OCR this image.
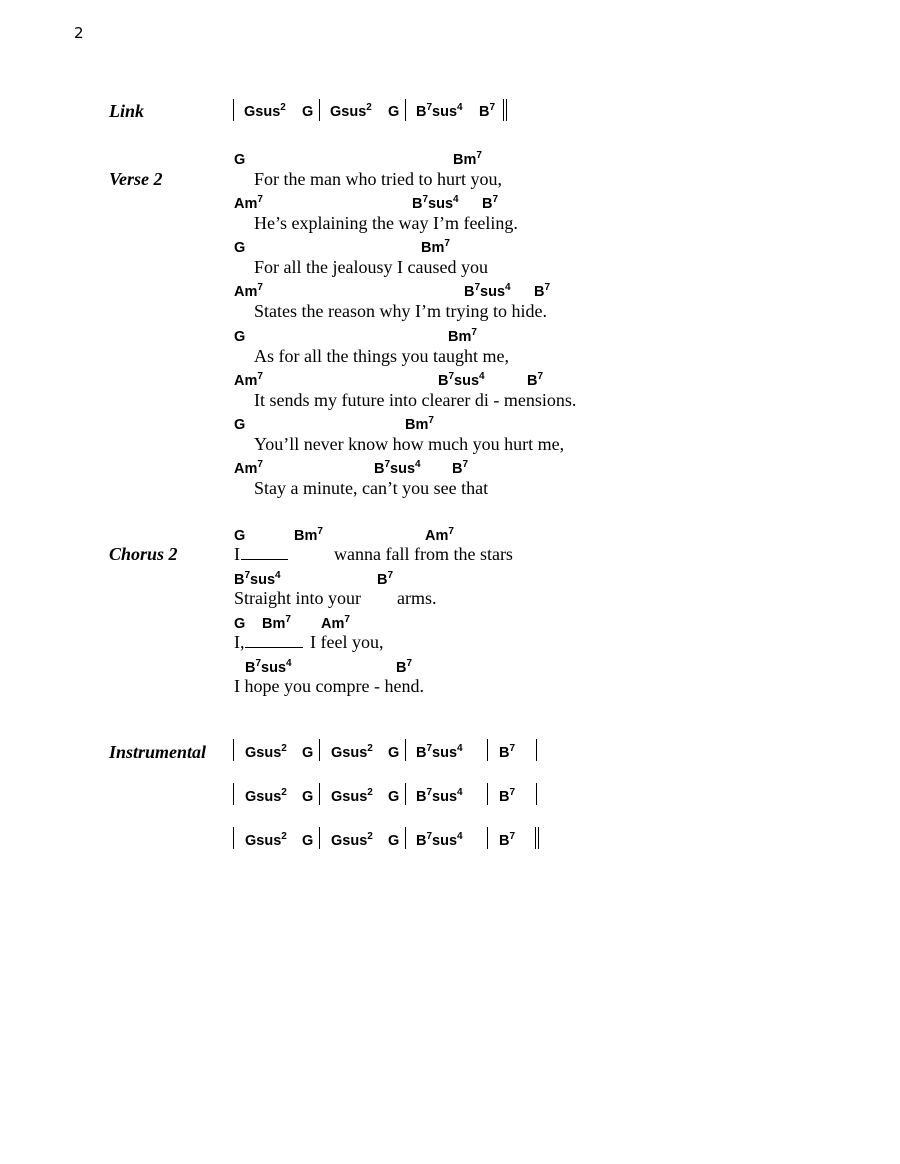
2
Link	Gsus$^2$ G Gsus$^2$ G $B^7sus^4$ $B^7$
Verse 2
G	Bm$^7$
For the man who tried to hurt you,
Am$^7$	$B^7sus^4$ $B^7$
He’s explaining the way I’m feeling.
G	Bm$^7$
For all the jealousy I caused you
Am$^7$	$B^7sus^4$ $B^7$
States the reason why I’m trying to hide.
G	Bm$^7$
As for all the things you taught me,
Am$^7$	$B^7sus^4$	$B^7$
It sends my future into clearer di - mensions.
G	Bm$^7$
You’ll never know how much you hurt me,
Am$^7$	$B^7sus^4$ $B^7$
Stay a minute, can’t you see that
Chorus 2
G	Bm$^7$	Am$^7$
I	wanna fall from the stars
$B^7sus^4$	$B^7$
Straight into your arms.
G Bm$^7$ Am$^7$
I,	I feel you,
$B^7sus^4$	$B^7$
I hope you compre - hend.
Instrumental	Gsus$^2$ G Gsus$^2$ G $B^7sus^4$	$B^7$
Gsus$^2$ G Gsus$^2$ G $B^7sus^4$	$B^7$
Gsus$^2$ G Gsus$^2$ G $B^7sus^4$	$B^7$
